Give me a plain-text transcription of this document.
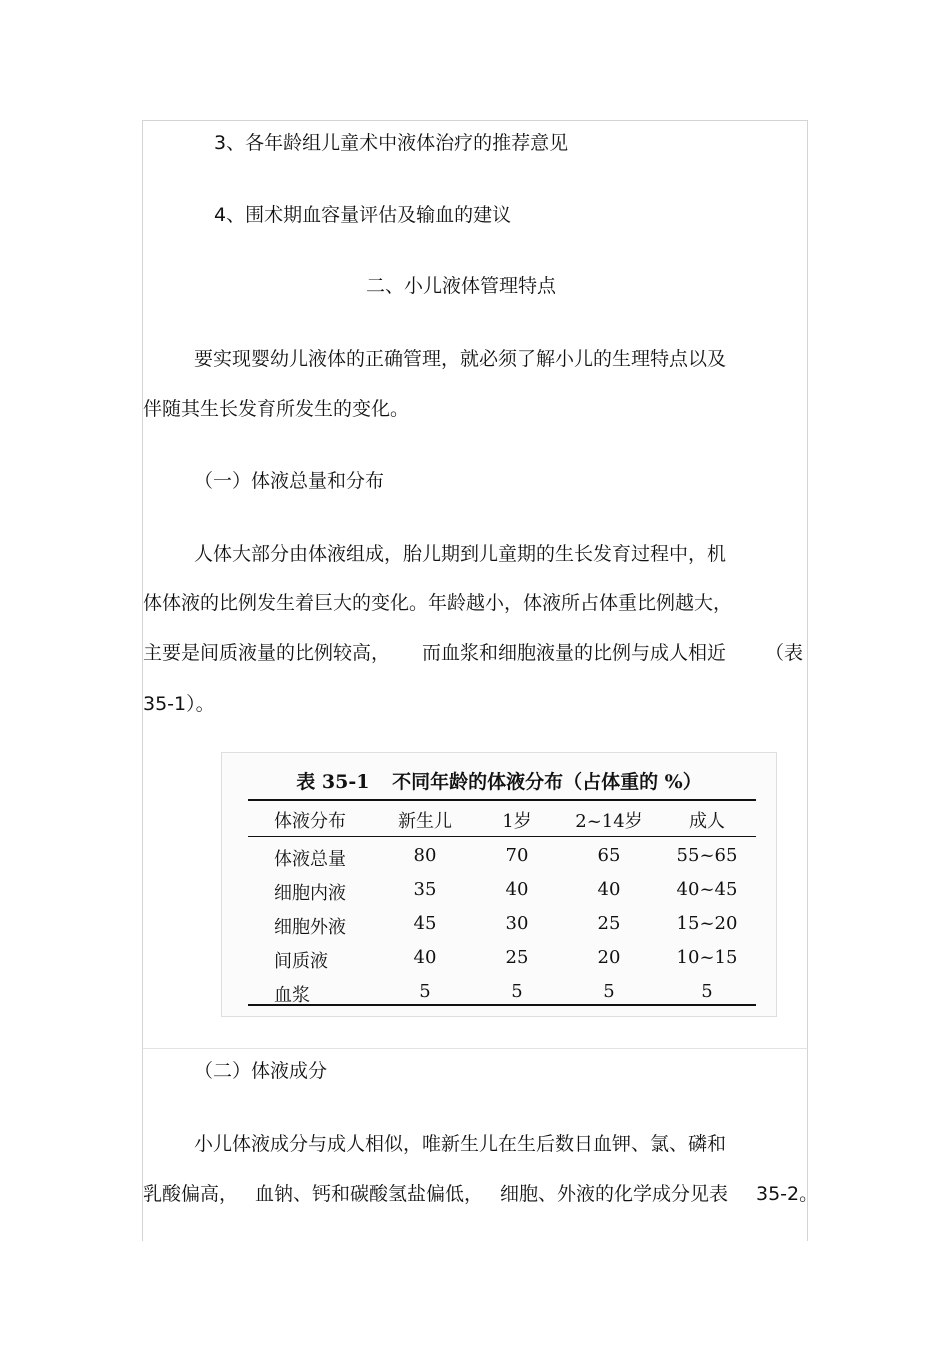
3、各年龄组儿童术中液体治疗的推荐意见
4、围术期血容量评估及输血的建议
二、小儿液体管理特点
要实现婴幼儿液体的正确管理，就必须了解小儿的生理特点以及
伴随其生长发育所发生的变化。
（一）体液总量和分布
人体大部分由体液组成，胎儿期到儿童期的生长发育过程中，机
体体液的比例发生着巨大的变化。年龄越小，体液所占体重比例越大，
主要是间质液量的比例较高， 而血浆和细胞液量的比例与成人相近 （表
35-1）。
表 35-1 不同年龄的体液分布（占体重的 %）
体液分布	新生儿	1岁	2~14岁	成人
体液总量	80	70	65	55~65
细胞内液	35	40	40	40~45
细胞外液	45	30	25	15~20
间质液	40	25	20	10~15
血浆	5	5	5	5
（二）体液成分
小儿体液成分与成人相似，唯新生儿在生后数日血钾、氯、磷和
乳酸偏高， 血钠、钙和碳酸氢盐偏低， 细胞、外液的化学成分见表 35-2。
